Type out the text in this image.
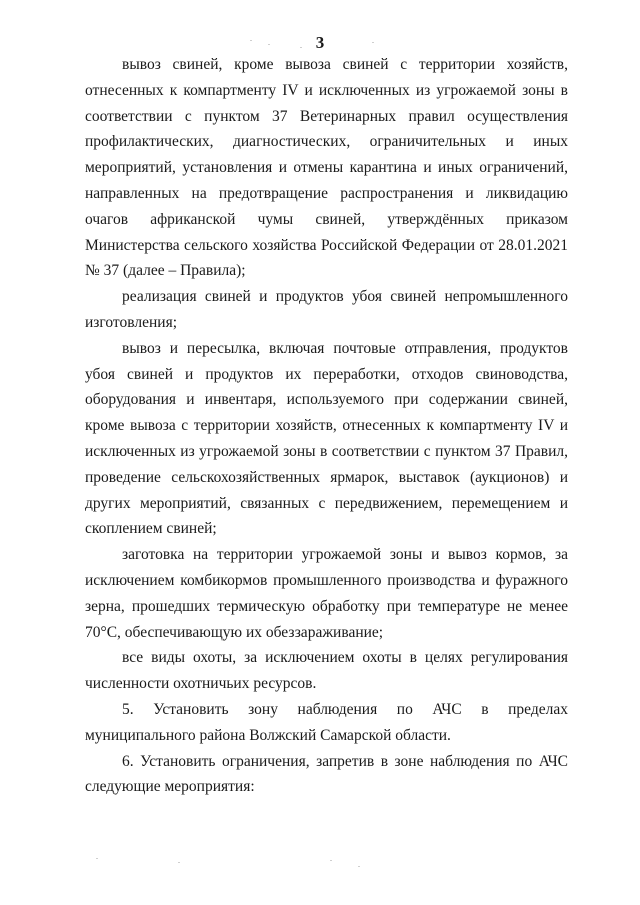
3

вывоз свиней, кроме вывоза свиней с территории хозяйств, отнесенных к компартменту IV и исключенных из угрожаемой зоны в соответствии с пунктом 37 Ветеринарных правил осуществления профилактических, диагностических, ограничительных и иных мероприятий, установления и отмены карантина и иных ограничений, направленных на предотвращение распространения и ликвидацию очагов африканской чумы свиней, утверждённых приказом Министерства сельского хозяйства Российской Федерации от 28.01.2021 № 37 (далее – Правила);

реализация свиней и продуктов убоя свиней непромышленного изготовления;

вывоз и пересылка, включая почтовые отправления, продуктов убоя свиней и продуктов их переработки, отходов свиноводства, оборудования и инвентаря, используемого при содержании свиней, кроме вывоза с территории хозяйств, отнесенных к компартменту IV и исключенных из угрожаемой зоны в соответствии с пунктом 37 Правил, проведение сельскохозяйственных ярмарок, выставок (аукционов) и других мероприятий, связанных с передвижением, перемещением и скоплением свиней;

заготовка на территории угрожаемой зоны и вывоз кормов, за исключением комбикормов промышленного производства и фуражного зерна, прошедших термическую обработку при температуре не менее 70°С, обеспечивающую их обеззараживание;

все виды охоты, за исключением охоты в целях регулирования численности охотничьих ресурсов.

5. Установить зону наблюдения по АЧС в пределах муниципального района Волжский Самарской области.

6. Установить ограничения, запретив в зоне наблюдения по АЧС следующие мероприятия:
